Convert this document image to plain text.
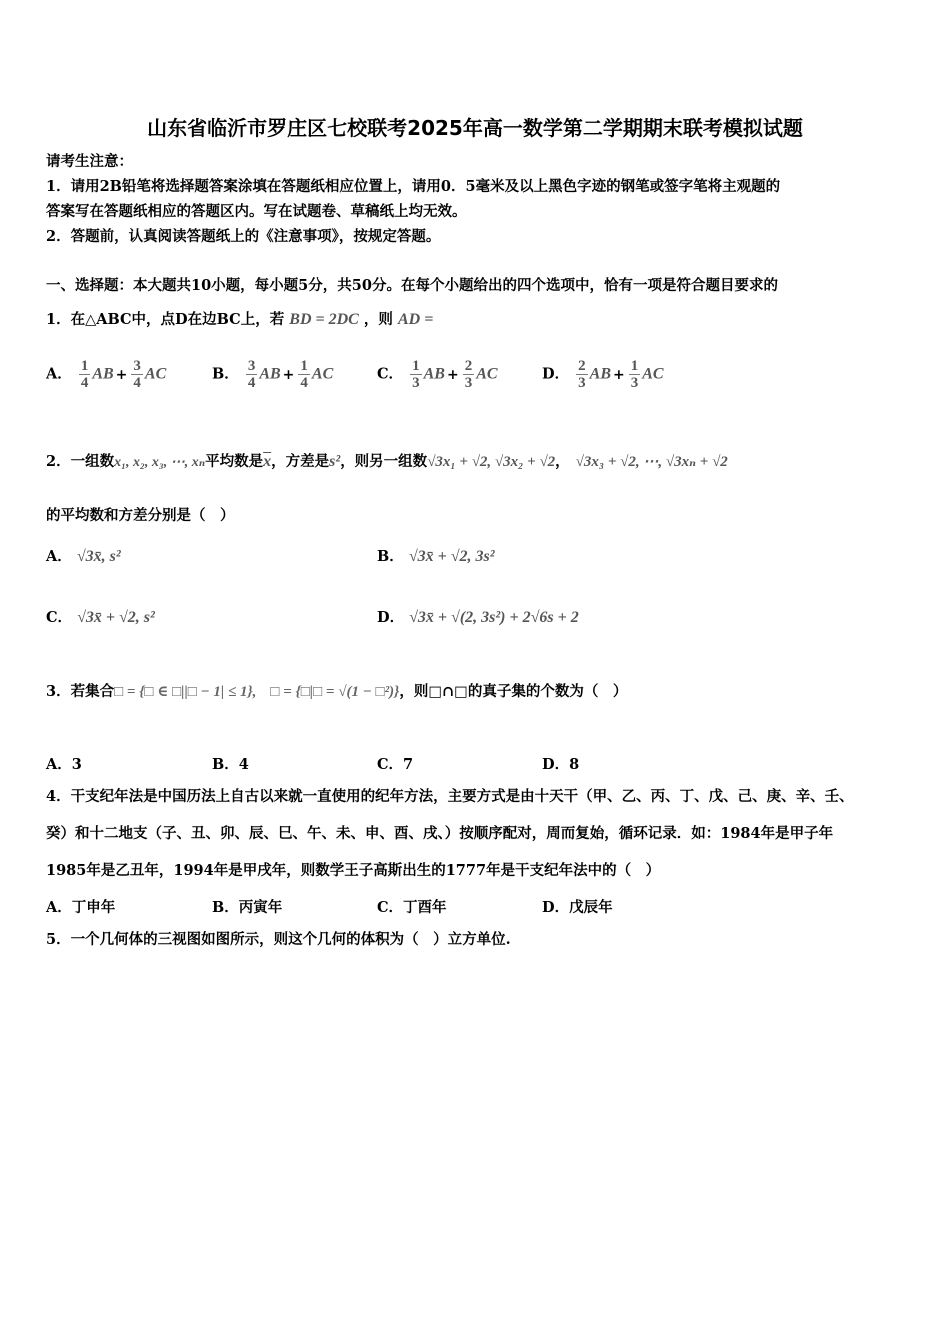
山东省临沂市罗庄区七校联考2025年高一数学第二学期期末联考模拟试题
请考生注意：
1．请用2B铅笔将选择题答案涂填在答题纸相应位置上，请用0．5毫米及以上黑色字迹的钢笔或签字笔将主观题的
答案写在答题纸相应的答题区内。写在试题卷、草稿纸上均无效。
2．答题前，认真阅读答题纸上的《注意事项》，按规定答题。
一、选择题：本大题共10小题，每小题5分，共50分。在每个小题给出的四个选项中，恰有一项是符合题目要求的
1．在△ABC中，点D在边BC上，若 BD = 2DC ，则 AD =
A． $\frac{1}{4}$ AB + $\frac{3}{4}$ AC	B． $\frac{3}{4}$ AB + $\frac{1}{4}$ AC	C． $\frac{1}{3}$ AB + $\frac{2}{3}$ AC	D． $\frac{2}{3}$ AB + $\frac{1}{3}$ AC
2．一组数x₁, x₂, x₃, ⋯, xₙ平均数是$\overline{x}$，方差是s²，则另一组数√3x₁ + √2, √3x₂ + √2， √3x₃ + √2, ⋯, √3xₙ + √2
的平均数和方差分别是（　）
A． √3x̄, s²	B． √3x̄ + √2, 3s²
C． √3x̄ + √2, s²	D． √3x̄ + √(2, 3s²) + 2√6s + 2
3．若集合□ = {□ ∈ □||□ − 1| ≤ 1}, □ = {□|□ = √(1 − □²)}，则□∩□的真子集的个数为（　）
A．3	B．4	C．7	D．8
4．干支纪年法是中国历法上自古以来就一直使用的纪年方法，主要方式是由十天干（甲、乙、丙、丁、戊、己、庚、辛、壬、
癸）和十二地支（子、丑、卯、辰、巳、午、未、申、酉、戌、）按顺序配对，周而复始，循环记录．如：1984年是甲子年
1985年是乙丑年，1994年是甲戌年，则数学王子高斯出生的1777年是干支纪年法中的（　）
A．丁申年	B．丙寅年	C．丁酉年	D．戊辰年
5．一个几何体的三视图如图所示，则这个几何的体积为（　）立方单位.
